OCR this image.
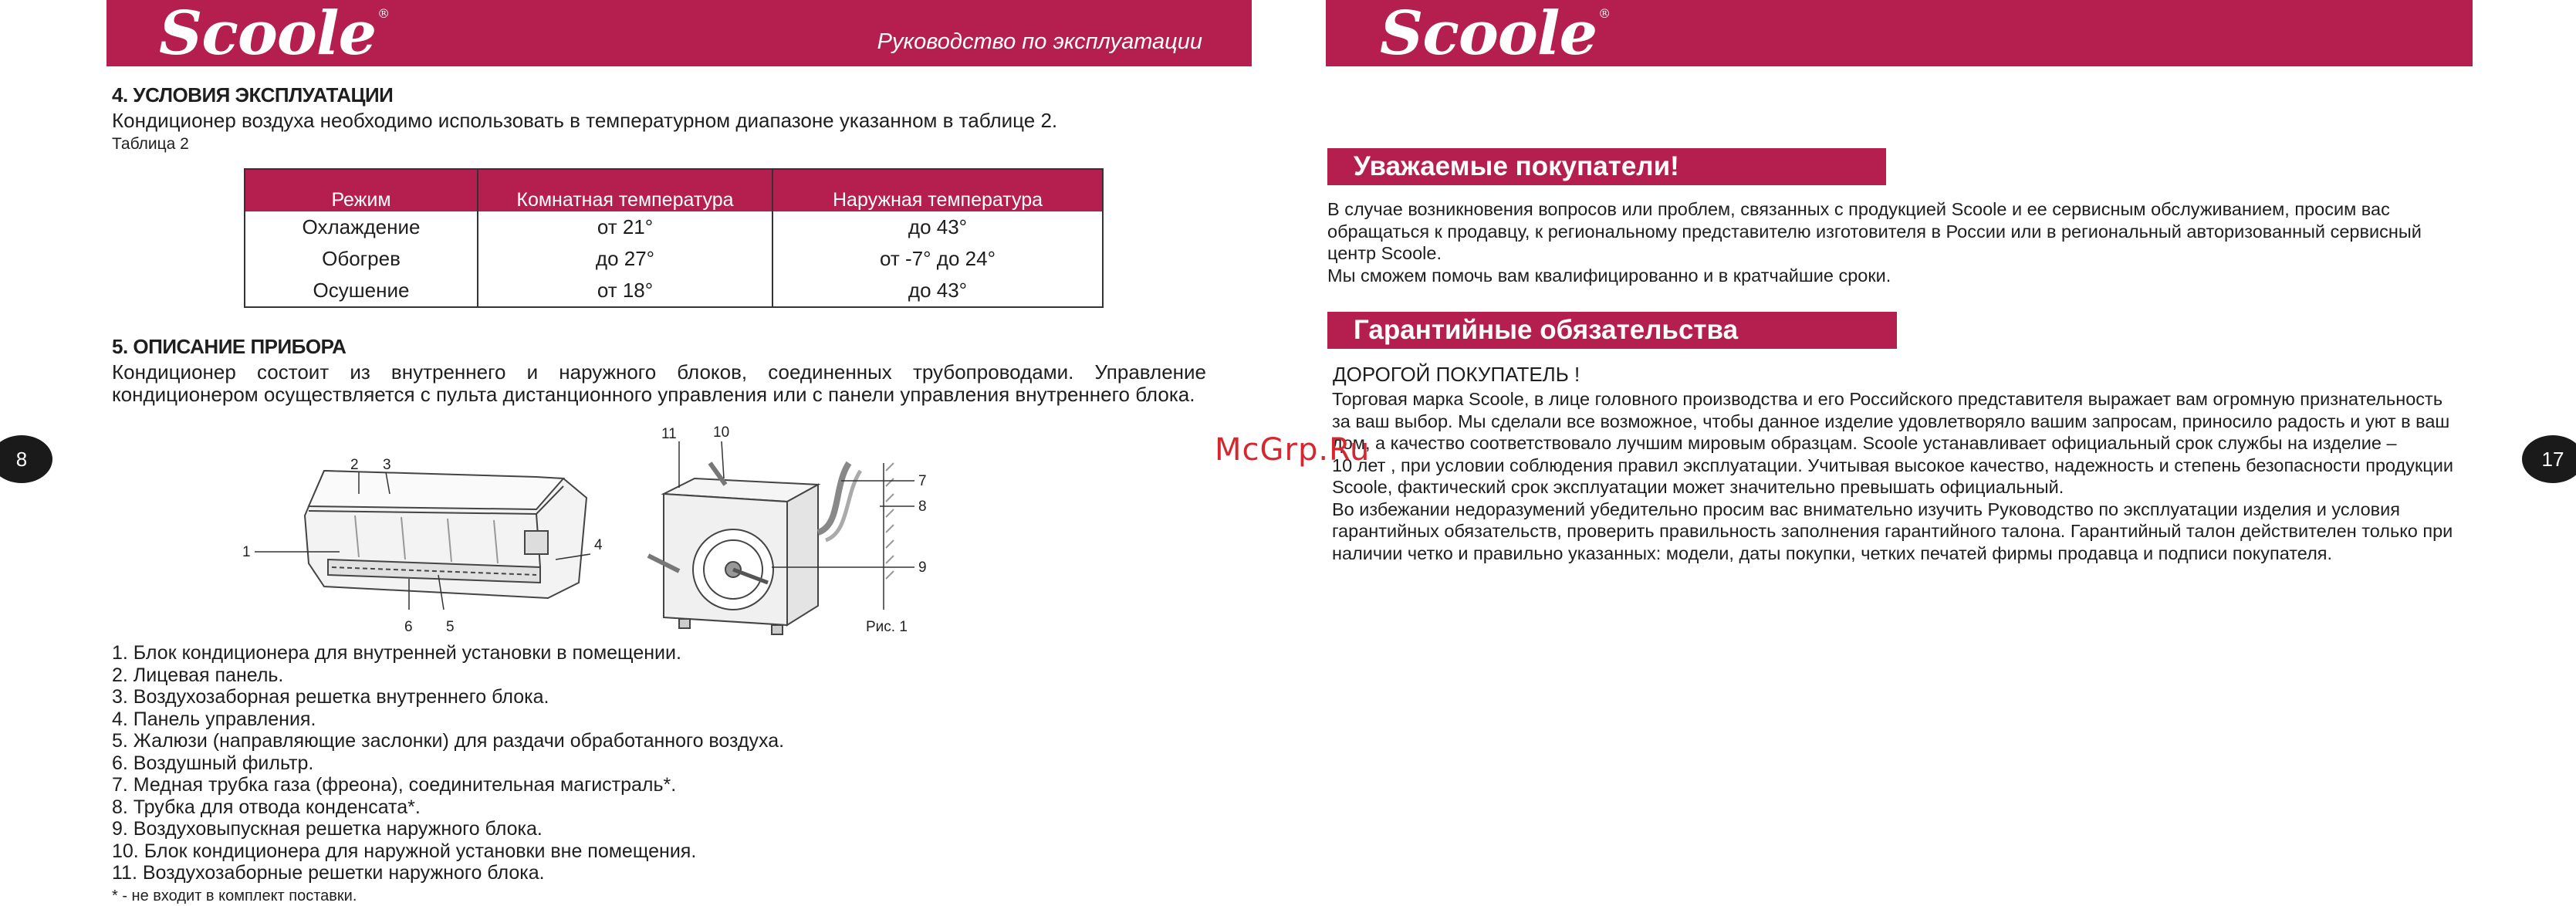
Scoole ®
Руководство по эксплуатации
8
4. УСЛОВИЯ ЭКСПЛУАТАЦИИ
Кондиционер воздуха необходимо использовать в температурном диапазоне указанном в таблице 2.
Таблица 2
Режим	Комнатная температура	Наружная температура
Охлаждение	от 21°	до 43°
Обогрев	до 27°	от -7° до 24°
Осушение	от 18°	до 43°
5. ОПИСАНИЕ ПРИБОРА
Кондиционер состоит из внутреннего и наружного блоков, соединенных трубопроводами. Управление кондиционером осуществляется с пульта дистанционного управления или с панели управления внутреннего блока.
1
2 3
4
5
6
7
8
9
10
11
Рис. 1
1. Блок кондиционера для внутренней установки в помещении.
2. Лицевая панель.
3. Воздухозаборная решетка внутреннего блока.
4. Панель управления.
5. Жалюзи (направляющие заслонки) для раздачи обработанного воздуха.
6. Воздушный фильтр.
7. Медная трубка газа (фреона), соединительная магистраль*.
8. Трубка для отвода конденсата*.
9. Воздуховыпускная решетка наружного блока.
10. Блок кондиционера для наружной установки вне помещения.
11. Воздухозаборные решетки наружного блока.
* - не входит в комплект поставки.
Scoole ®
17
Уважаемые покупатели!
В случае возникновения вопросов или проблем, связанных с продукцией Scoole и ее сервисным обслуживанием, просим вас
обращаться к продавцу, к региональному представителю изготовителя в России или в региональный авторизованный сервисный
центр Scoole.
Мы сможем помочь вам квалифицированно и в кратчайшие сроки.
Гарантийные обязательства
ДОРОГОЙ ПОКУПАТЕЛЬ !
Торговая марка Scoole, в лице головного производства и его Российского представителя выражает вам огромную признательность
за ваш выбор. Мы сделали все возможное, чтобы данное изделие удовлетворяло вашим запросам, приносило радость и уют в ваш
дом, а качество соответствовало лучшим мировым образцам. Scoole устанавливает официальный срок службы на изделие –
10 лет , при условии соблюдения правил эксплуатации. Учитывая высокое качество, надежность и степень безопасности продукции
Scoole, фактический срок эксплуатации может значительно превышать официальный.
Во избежании недоразумений убедительно просим вас внимательно изучить Руководство по эксплуатации изделия и условия
гарантийных обязательств, проверить правильность заполнения гарантийного талона. Гарантийный талон действителен только при
наличии четко и правильно указанных: модели, даты покупки, четких печатей фирмы продавца и подписи покупателя.
McGrp.Ru
